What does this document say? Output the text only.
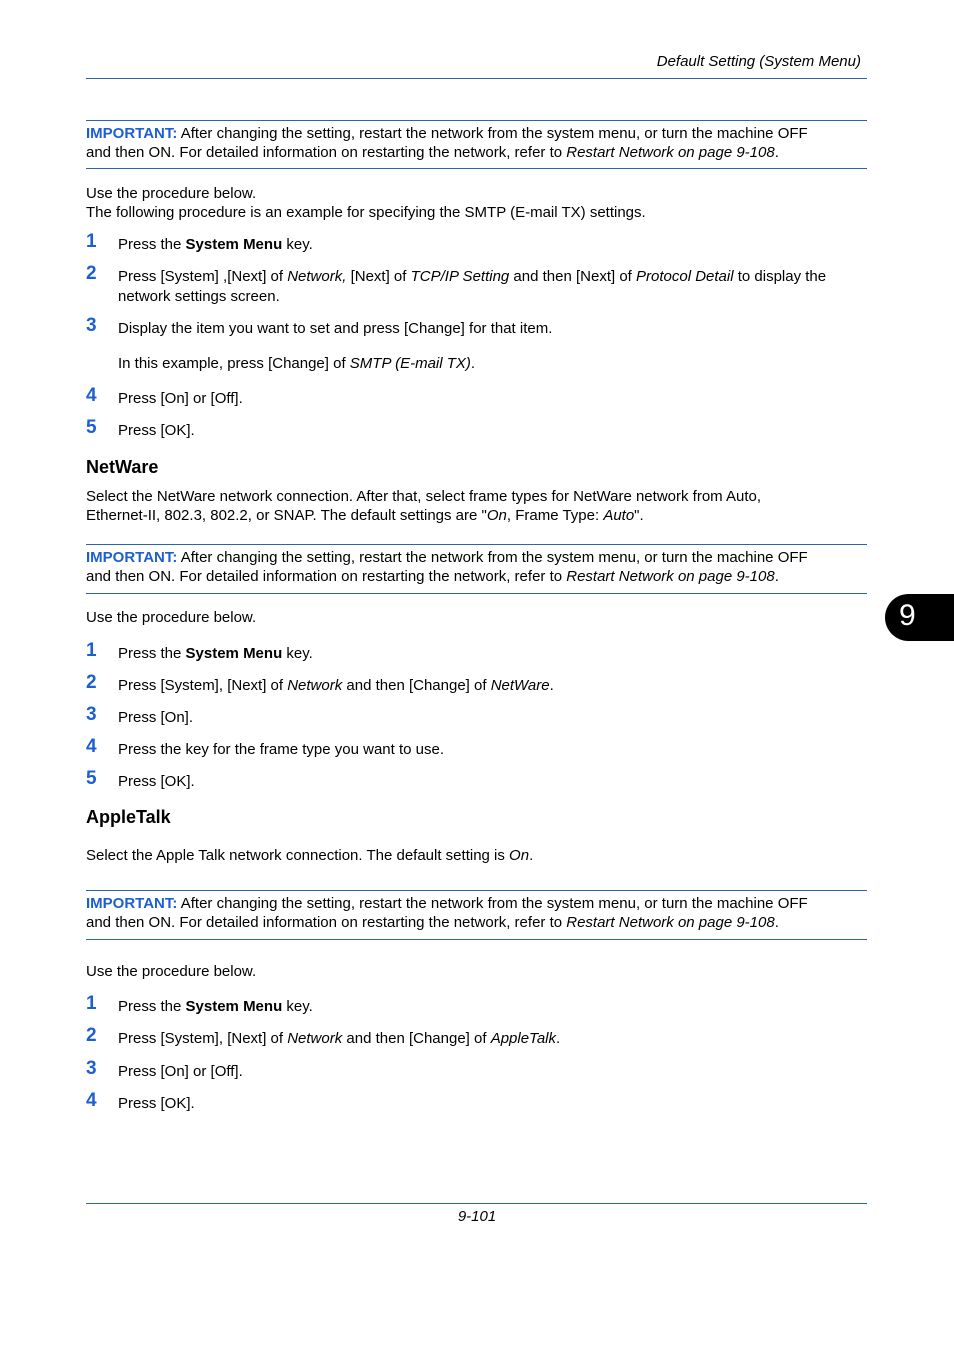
Default Setting (System Menu)
IMPORTANT: After changing the setting, restart the network from the system menu, or turn the machine OFF
and then ON. For detailed information on restarting the network, refer to Restart Network on page 9-108.
Use the procedure below.
The following procedure is an example for specifying the SMTP (E-mail TX) settings.
1 Press the System Menu key.
2 Press [System] ,[Next] of Network, [Next] of TCP/IP Setting and then [Next] of Protocol Detail to display the
network settings screen.
3 Display the item you want to set and press [Change] for that item.
In this example, press [Change] of SMTP (E-mail TX).
4 Press [On] or [Off].
5 Press [OK].
NetWare
Select the NetWare network connection. After that, select frame types for NetWare network from Auto,
Ethernet-II, 802.3, 802.2, or SNAP. The default settings are "On, Frame Type: Auto".
IMPORTANT: After changing the setting, restart the network from the system menu, or turn the machine OFF
and then ON. For detailed information on restarting the network, refer to Restart Network on page 9-108.
Use the procedure below.
1 Press the System Menu key.
2 Press [System], [Next] of Network and then [Change] of NetWare.
3 Press [On].
4 Press the key for the frame type you want to use.
5 Press [OK].
AppleTalk
Select the Apple Talk network connection. The default setting is On.
IMPORTANT: After changing the setting, restart the network from the system menu, or turn the machine OFF
and then ON. For detailed information on restarting the network, refer to Restart Network on page 9-108.
Use the procedure below.
1 Press the System Menu key.
2 Press [System], [Next] of Network and then [Change] of AppleTalk.
3 Press [On] or [Off].
4 Press [OK].
9
9-101
